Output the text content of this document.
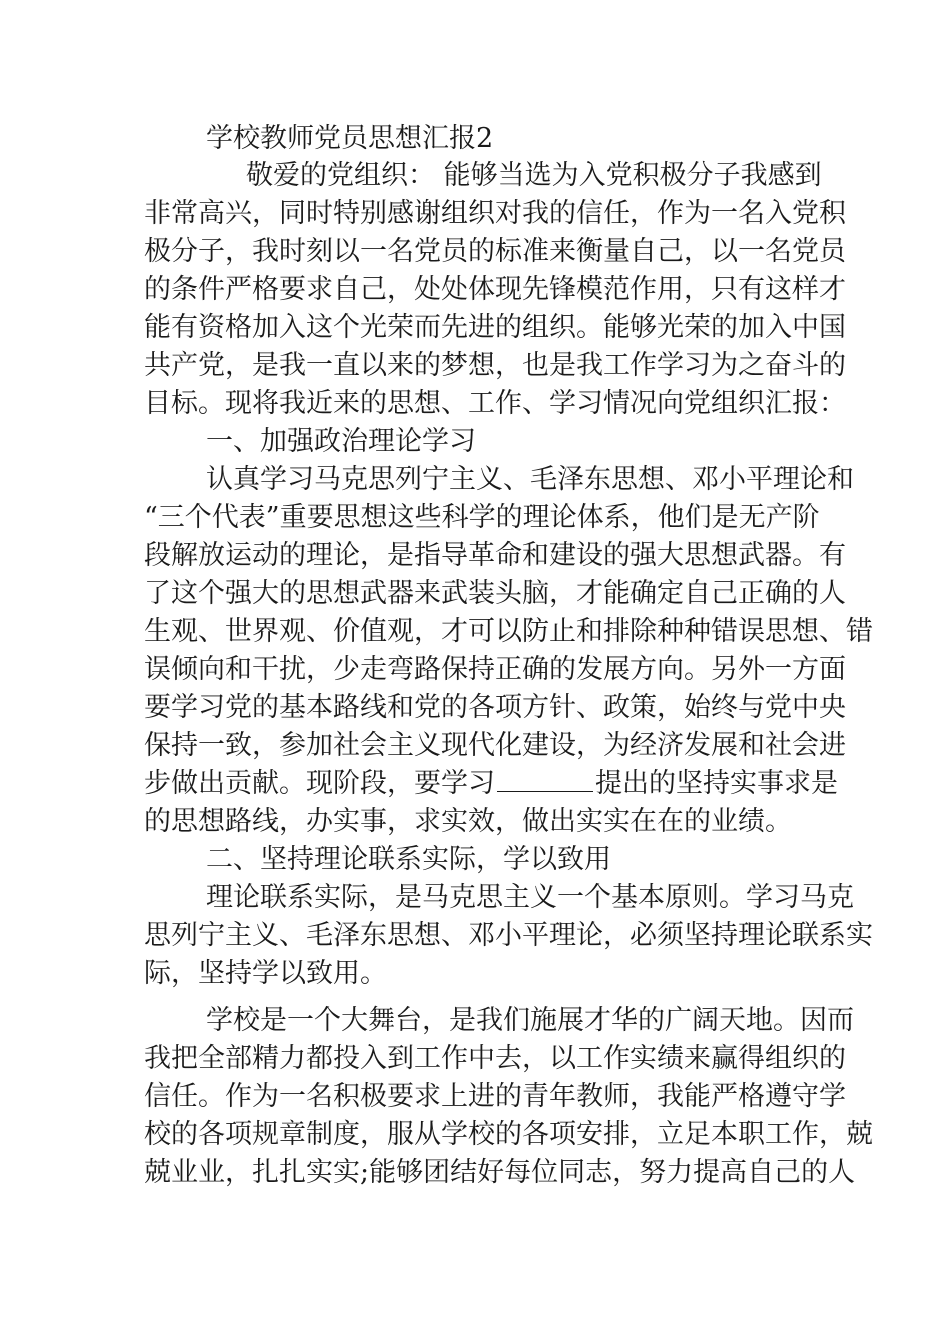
学校教师党员思想汇报2
敬爱的党组织： 能够当选为入党积极分子我感到
非常高兴，同时特别感谢组织对我的信任，作为一名入党积
极分子，我时刻以一名党员的标准来衡量自己，以一名党员
的条件严格要求自己，处处体现先锋模范作用，只有这样才
能有资格加入这个光荣而先进的组织。能够光荣的加入中国
共产党，是我一直以来的梦想，也是我工作学习为之奋斗的
目标。现将我近来的思想、工作、学习情况向党组织汇报：
一、加强政治理论学习
认真学习马克思列宁主义、毛泽东思想、邓小平理论和
“三个代表”重要思想这些科学的理论体系，他们是无产阶
段解放运动的理论，是指导革命和建设的强大思想武器。有
了这个强大的思想武器来武装头脑，才能确定自己正确的人
生观、世界观、价值观，才可以防止和排除种种错误思想、错
误倾向和干扰，少走弯路保持正确的发展方向。另外一方面
要学习党的基本路线和党的各项方针、政策，始终与党中央
保持一致，参加社会主义现代化建设，为经济发展和社会进
步做出贡献。现阶段，要学习	提出的坚持实事求是
的思想路线，办实事，求实效，做出实实在在的业绩。
二、坚持理论联系实际，学以致用
理论联系实际，是马克思主义一个基本原则。学习马克
思列宁主义、毛泽东思想、邓小平理论，必须坚持理论联系实
际，坚持学以致用。
学校是一个大舞台，是我们施展才华的广阔天地。因而
我把全部精力都投入到工作中去，以工作实绩来赢得组织的
信任。作为一名积极要求上进的青年教师，我能严格遵守学
校的各项规章制度，服从学校的各项安排，立足本职工作，兢
兢业业，扎扎实实;能够团结好每位同志，努力提高自己的人
